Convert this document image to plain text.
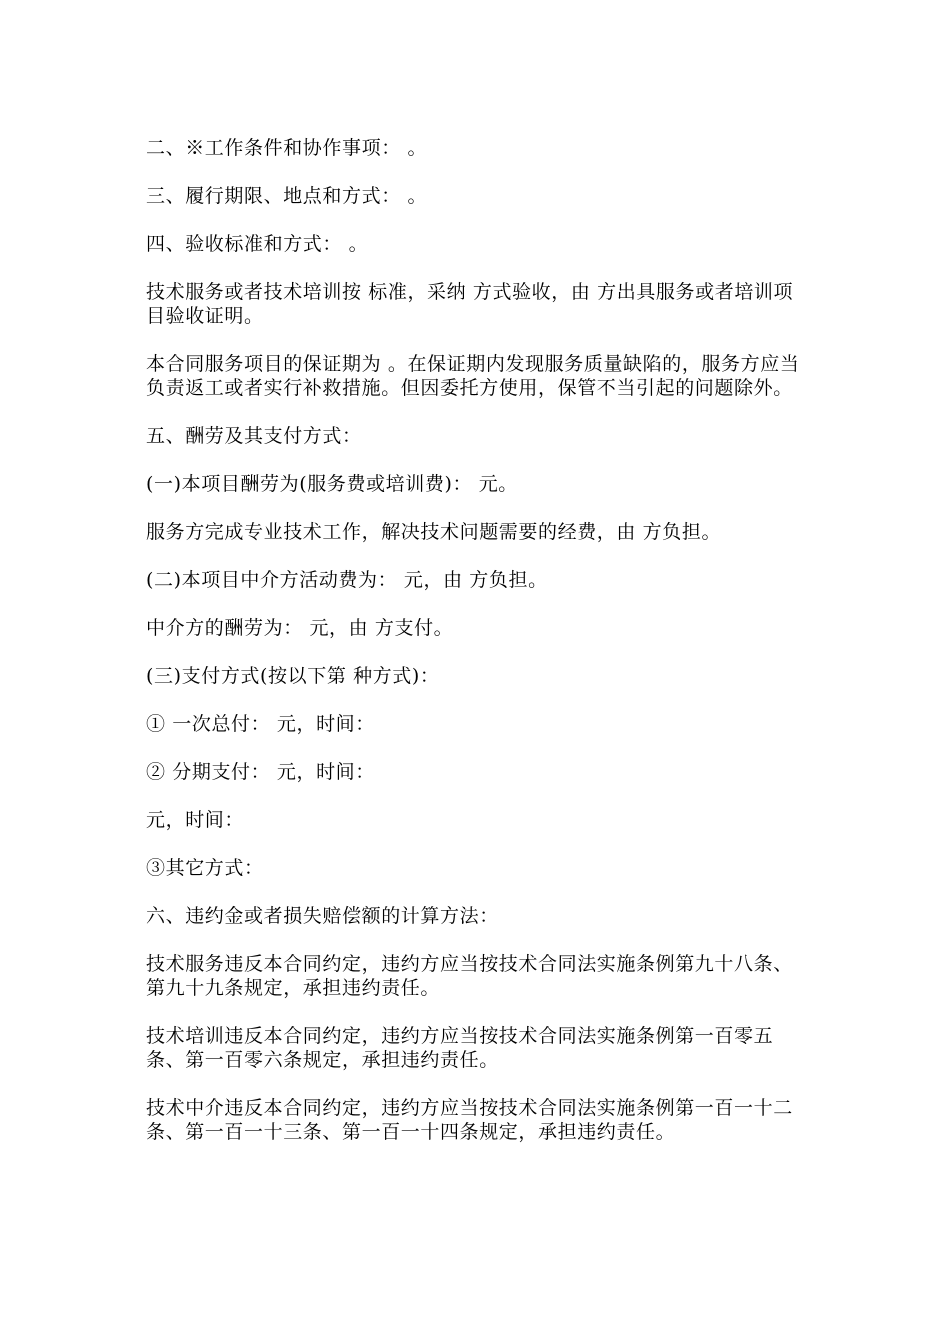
二、※工作条件和协作事项： 。

三、履行期限、地点和方式： 。

四、验收标准和方式： 。

技术服务或者技术培训按 标准，采纳 方式验收，由 方出具服务或者培训项目验收证明。

本合同服务项目的保证期为 。在保证期内发现服务质量缺陷的，服务方应当负责返工或者实行补救措施。但因委托方使用，保管不当引起的问题除外。

五、酬劳及其支付方式：

(一)本项目酬劳为(服务费或培训费)： 元。

服务方完成专业技术工作，解决技术问题需要的经费，由 方负担。

(二)本项目中介方活动费为： 元，由 方负担。

中介方的酬劳为： 元，由 方支付。

(三)支付方式(按以下第 种方式)：

① 一次总付： 元，时间：

② 分期支付： 元，时间：

元，时间：

③其它方式：

六、违约金或者损失赔偿额的计算方法：

技术服务违反本合同约定，违约方应当按技术合同法实施条例第九十八条、第九十九条规定，承担违约责任。

技术培训违反本合同约定，违约方应当按技术合同法实施条例第一百零五条、第一百零六条规定，承担违约责任。

技术中介违反本合同约定，违约方应当按技术合同法实施条例第一百一十二条、第一百一十三条、第一百一十四条规定，承担违约责任。
